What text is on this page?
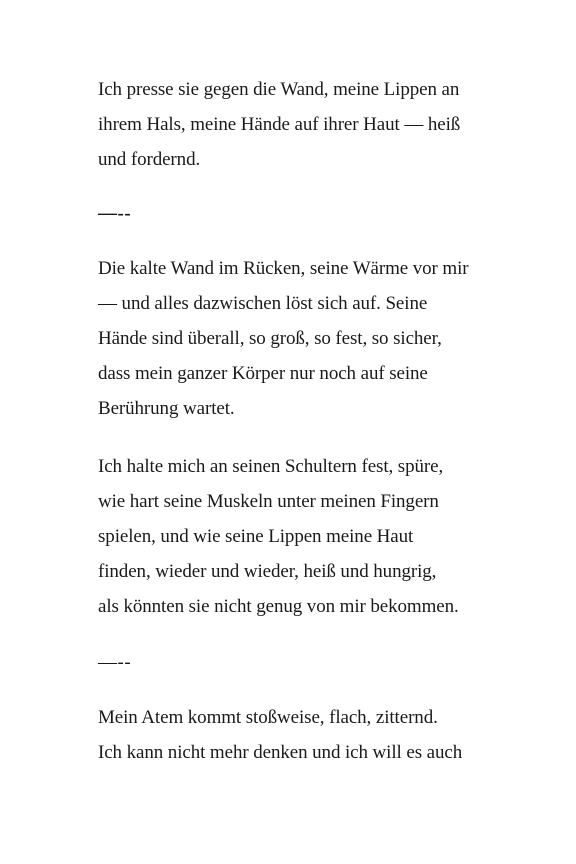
Ich presse sie gegen die Wand, meine Lippen an
ihrem Hals, meine Hände auf ihrer Haut — heiß
und fordernd.

—--

Die kalte Wand im Rücken, seine Wärme vor mir
— und alles dazwischen löst sich auf. Seine
Hände sind überall, so groß, so fest, so sicher,
dass mein ganzer Körper nur noch auf seine
Berührung wartet.

Ich halte mich an seinen Schultern fest, spüre,
wie hart seine Muskeln unter meinen Fingern
spielen, und wie seine Lippen meine Haut
finden, wieder und wieder, heiß und hungrig,
als könnten sie nicht genug von mir bekommen.

—--

Mein Atem kommt stoßweise, flach, zitternd.
Ich kann nicht mehr denken und ich will es auch
